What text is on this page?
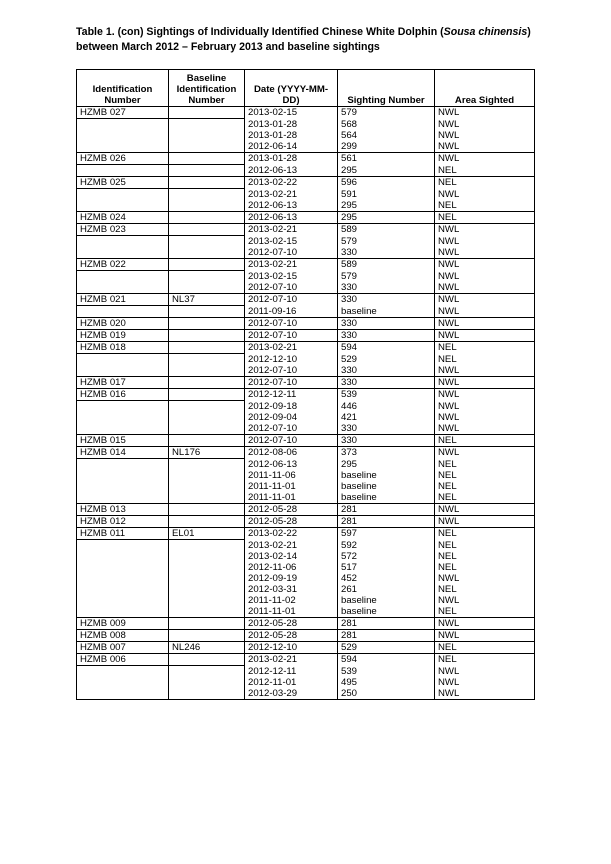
Table 1. (con) Sightings of Individually Identified Chinese White Dolphin (Sousa chinensis) between March 2012 – February 2013 and baseline sightings
Identification Number	Baseline Identification Number	Date (YYYY-MM-DD)	Sighting Number	Area Sighted
HZMB 027		2013-02-15	579	NWL
		2013-01-28	568	NWL
		2013-01-28	564	NWL
		2012-06-14	299	NWL
HZMB 026		2013-01-28	561	NWL
		2012-06-13	295	NEL
HZMB 025		2013-02-22	596	NEL
		2013-02-21	591	NWL
		2012-06-13	295	NEL
HZMB 024		2012-06-13	295	NEL
HZMB 023		2013-02-21	589	NWL
		2013-02-15	579	NWL
		2012-07-10	330	NWL
HZMB 022		2013-02-21	589	NWL
		2013-02-15	579	NWL
		2012-07-10	330	NWL
HZMB 021	NL37	2012-07-10	330	NWL
		2011-09-16	baseline	NWL
HZMB 020		2012-07-10	330	NWL
HZMB 019		2012-07-10	330	NWL
HZMB 018		2013-02-21	594	NEL
		2012-12-10	529	NEL
		2012-07-10	330	NWL
HZMB 017		2012-07-10	330	NWL
HZMB 016		2012-12-11	539	NWL
		2012-09-18	446	NWL
		2012-09-04	421	NWL
		2012-07-10	330	NWL
HZMB 015		2012-07-10	330	NEL
HZMB 014	NL176	2012-08-06	373	NWL
		2012-06-13	295	NEL
		2011-11-06	baseline	NEL
		2011-11-01	baseline	NEL
		2011-11-01	baseline	NEL
HZMB 013		2012-05-28	281	NWL
HZMB 012		2012-05-28	281	NWL
HZMB 011	EL01	2013-02-22	597	NEL
		2013-02-21	592	NEL
		2013-02-14	572	NEL
		2012-11-06	517	NEL
		2012-09-19	452	NWL
		2012-03-31	261	NEL
		2011-11-02	baseline	NWL
		2011-11-01	baseline	NEL
HZMB 009		2012-05-28	281	NWL
HZMB 008		2012-05-28	281	NWL
HZMB 007	NL246	2012-12-10	529	NEL
HZMB 006		2013-02-21	594	NEL
		2012-12-11	539	NWL
		2012-11-01	495	NWL
		2012-03-29	250	NWL
